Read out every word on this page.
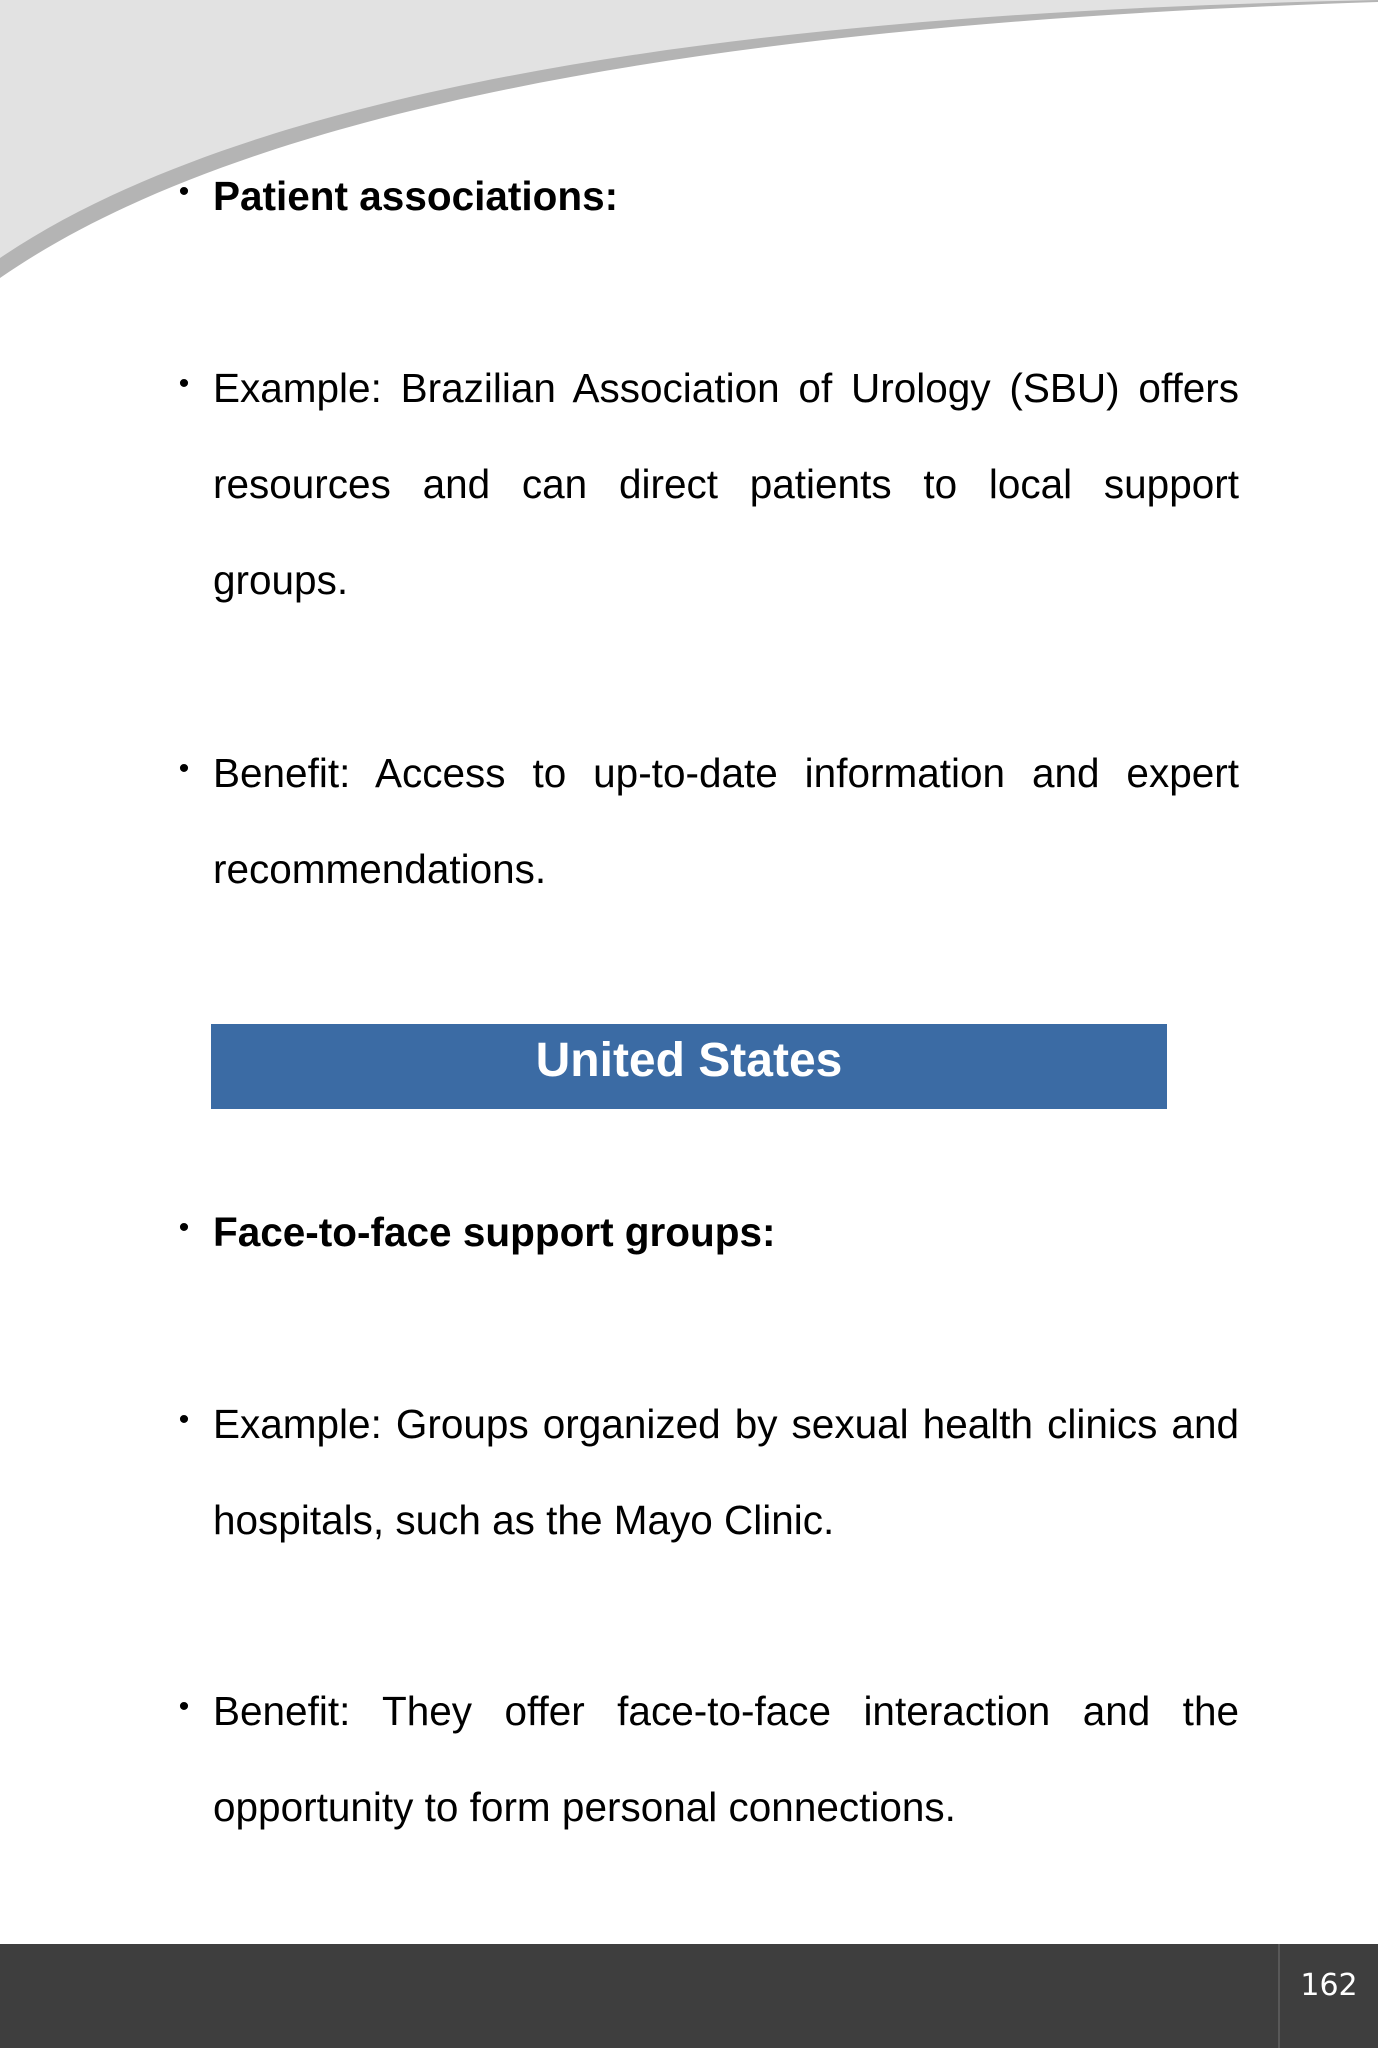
• Patient associations:
• Example: Brazilian Association of Urology (SBU) offers resources and can direct patients to local support groups.
• Benefit: Access to up-to-date information and expert recommendations.
United States
• Face-to-face support groups:
• Example: Groups organized by sexual health clinics and hospitals, such as the Mayo Clinic.
• Benefit: They offer face-to-face interaction and the opportunity to form personal connections.
162
